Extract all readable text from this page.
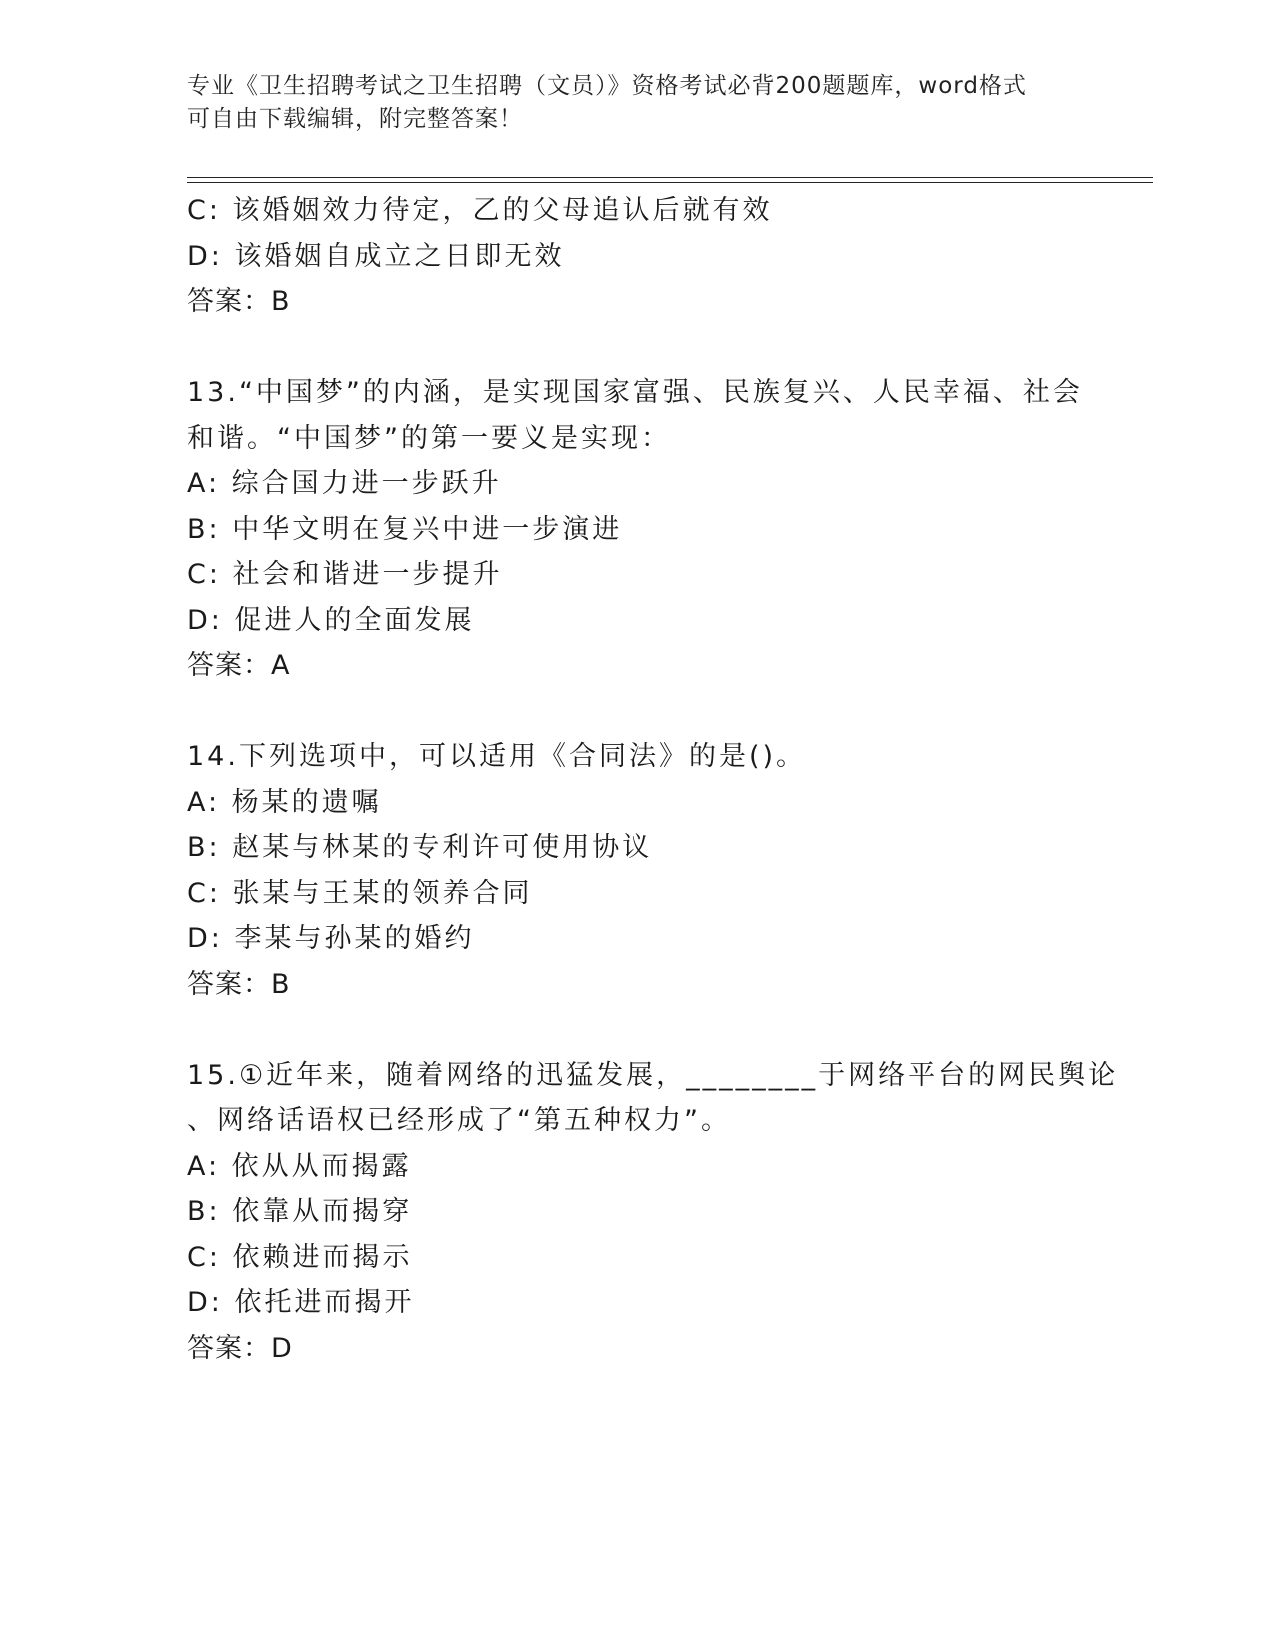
专业《卫生招聘考试之卫生招聘（文员）》资格考试必背200题题库，word格式
可自由下载编辑，附完整答案！
C: 该婚姻效力待定，乙的父母追认后就有效
D: 该婚姻自成立之日即无效
答案：B
13.“中国梦”的内涵，是实现国家富强、民族复兴、人民幸福、社会
和谐。“中国梦”的第一要义是实现：
A: 综合国力进一步跃升
B: 中华文明在复兴中进一步演进
C: 社会和谐进一步提升
D: 促进人的全面发展
答案：A
14.下列选项中，可以适用《合同法》的是()。
A: 杨某的遗嘱
B: 赵某与林某的专利许可使用协议
C: 张某与王某的领养合同
D: 李某与孙某的婚约
答案：B
15.①近年来，随着网络的迅猛发展，________于网络平台的网民舆论
、网络话语权已经形成了“第五种权力”。
A: 依从从而揭露
B: 依靠从而揭穿
C: 依赖进而揭示
D: 依托进而揭开
答案：D
